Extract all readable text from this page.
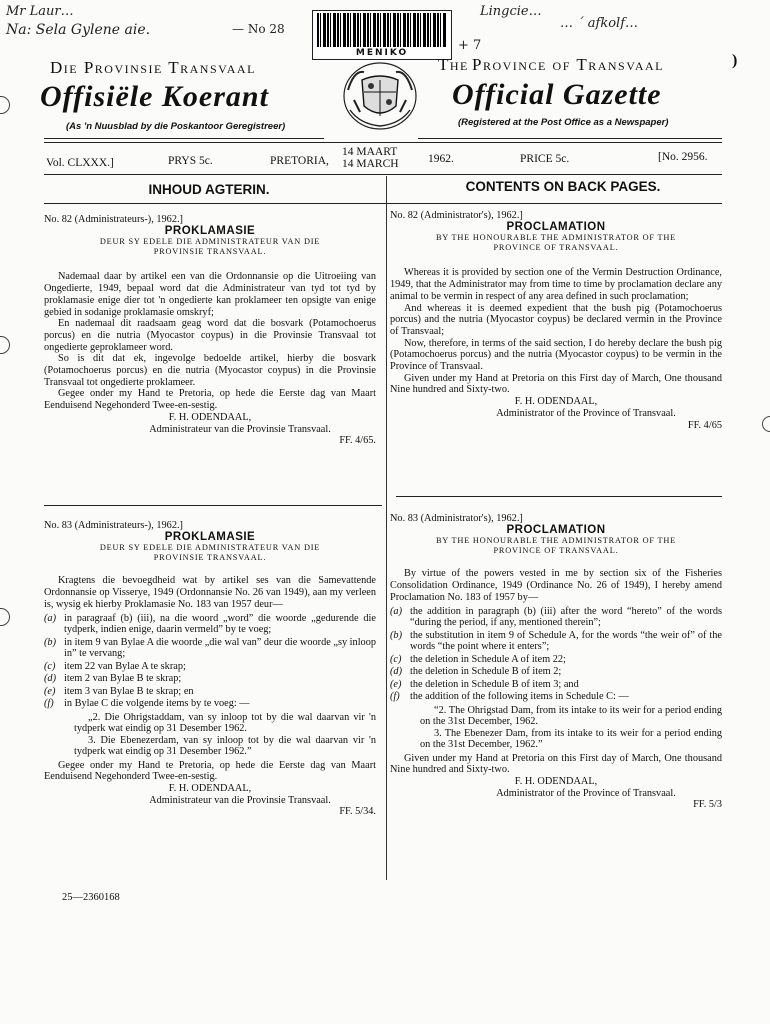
Mr Laur…
Na: Sela Gylene aie.	— No 28
Lingcie…
… ´ afkolf…
+ 7
MENIKO
Die Provinsie Transvaal	The Province of Transvaal
Offisiële Koerant	Official Gazette
(As 'n Nuusblad by die Poskantoor Geregistreer)	(Registered at the Post Office as a Newspaper)
Vol. CLXXX.]	PRYS 5c.	PRETORIA,
14 MAART
14 MARCH	1962.	PRICE 5c.	[No. 2956.
INHOUD AGTERIN.	CONTENTS ON BACK PAGES.
No. 82 (Administrateurs-), 1962.]
PROKLAMASIE
DEUR SY EDELE DIE ADMINISTRATEUR VAN DIE
PROVINSIE TRANSVAAL.

Nademaal daar by artikel een van die Ordonnansie op die Uitroeiing van Ongedierte, 1949, bepaal word dat die Administrateur van tyd tot tyd by proklamasie enige dier tot 'n ongedierte kan proklameer ten opsigte van enige gebied in sodanige proklamasie omskryf;

En nademaal dit raadsaam geag word dat die bosvark (Potamochoerus porcus) en die nutria (Myocastor coypus) in die Provinsie Transvaal tot ongedierte geproklameer word.

So is dit dat ek, ingevolge bedoelde artikel, hierby die bosvark (Potamochoerus porcus) en die nutria (Myocastor coypus) in die Provinsie Transvaal tot ongedierte proklameer.

Gegee onder my Hand te Pretoria, op hede die Eerste dag van Maart Eenduisend Negehonderd Twee-en-sestig.

F. H. ODENDAAL,
Administrateur van die Provinsie Transvaal.
FF. 4/65.
No. 82 (Administrator's), 1962.]
PROCLAMATION
BY THE HONOURABLE THE ADMINISTRATOR OF THE
PROVINCE OF TRANSVAAL.

Whereas it is provided by section one of the Vermin Destruction Ordinance, 1949, that the Administrator may from time to time by proclamation declare any animal to be vermin in respect of any area defined in such proclamation;

And whereas it is deemed expedient that the bush pig (Potamochoerus porcus) and the nutria (Myocastor coypus) be declared vermin in the Province of Transvaal;

Now, therefore, in terms of the said section, I do hereby declare the bush pig (Potamochoerus porcus) and the nutria (Myocastor coypus) to be vermin in the Province of Transvaal.

Given under my Hand at Pretoria on this First day of March, One thousand Nine hundred and Sixty-two.

F. H. ODENDAAL,
Administrator of the Province of Transvaal.
FF. 4/65
No. 83 (Administrateurs-), 1962.]
PROKLAMASIE
DEUR SY EDELE DIE ADMINISTRATEUR VAN DIE
PROVINSIE TRANSVAAL.

Kragtens die bevoegdheid wat by artikel ses van die Samevattende Ordonnansie op Visserye, 1949 (Ordonnansie No. 26 van 1949), aan my verleen is, wysig ek hierby Proklamasie No. 183 van 1957 deur—

(a) in paragraaf (b) (iii), na die woord „word” die woorde „gedurende die tydperk, indien enige, daarin vermeld” by te voeg;
(b) in item 9 van Bylae A die woorde „die wal van” deur die woorde „sy inloop in” te vervang;
(c) item 22 van Bylae A te skrap;
(d) item 2 van Bylae B te skrap;
(e) item 3 van Bylae B te skrap; en
(f) in Bylae C die volgende items by te voeg: —

„2. Die Ohrigstaddam, van sy inloop tot by die wal daarvan vir 'n tydperk wat eindig op 31 Desember 1962.

3. Die Ebenezerdam, van sy inloop tot by die wal daarvan vir 'n tydperk wat eindig op 31 Desember 1962.”

Gegee onder my Hand te Pretoria, op hede die Eerste dag van Maart Eenduisend Negehonderd Twee-en-sestig.

F. H. ODENDAAL,
Administrateur van die Provinsie Transvaal.
FF. 5/34.
No. 83 (Administrator's), 1962.]
PROCLAMATION
BY THE HONOURABLE THE ADMINISTRATOR OF THE
PROVINCE OF TRANSVAAL.

By virtue of the powers vested in me by section six of the Fisheries Consolidation Ordinance, 1949 (Ordinance No. 26 of 1949), I hereby amend Proclamation No. 183 of 1957 by—

(a) the addition in paragraph (b) (iii) after the word “hereto” of the words “during the period, if any, mentioned therein”;
(b) the substitution in item 9 of Schedule A, for the words “the weir of” of the words “the point where it enters”;
(c) the deletion in Schedule A of item 22;
(d) the deletion in Schedule B of item 2;
(e) the deletion in Schedule B of item 3; and
(f) the addition of the following items in Schedule C: —

“2. The Ohrigstad Dam, from its intake to its weir for a period ending on the 31st December, 1962.

3. The Ebenezer Dam, from its intake to its weir for a period ending on the 31st December, 1962.”

Given under my Hand at Pretoria on this First day of March, One thousand Nine hundred and Sixty-two.

F. H. ODENDAAL,
Administrator of the Province of Transvaal.
FF. 5/3
25—2360168
)
